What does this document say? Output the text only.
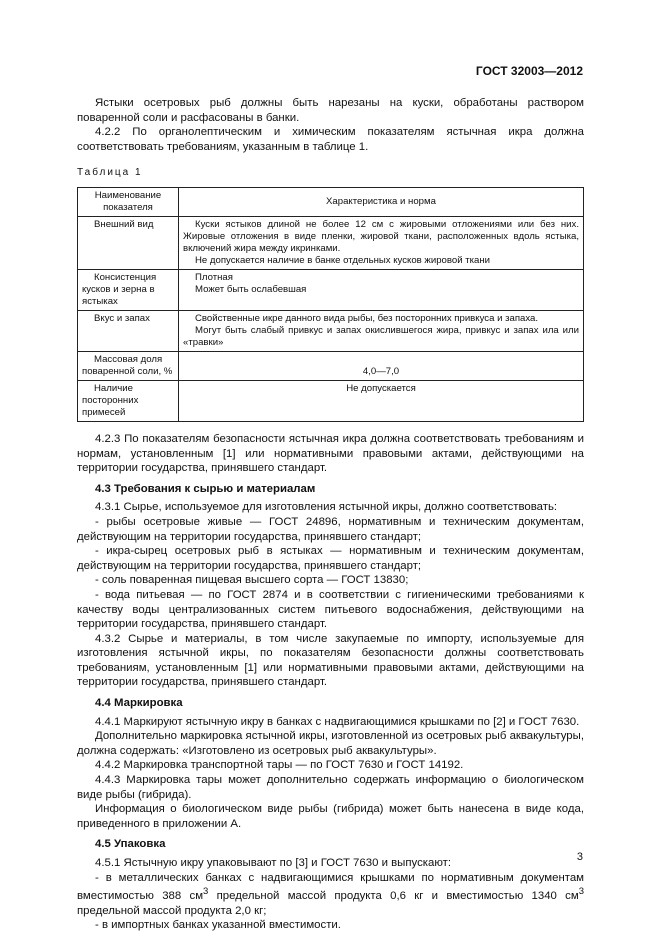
ГОСТ 32003—2012

Ястыки осетровых рыб должны быть нарезаны на куски, обработаны раствором поваренной соли и расфасованы в банки.

4.2.2 По органолептическим и химическим показателям ястычная икра должна соответствовать требованиям, указанным в таблице 1.

Таблица 1
Наименование показателя	Характеристика и норма
Внешний вид	Куски ястыков длиной не более 12 см с жировыми отложениями или без них. Жировые отложения в виде пленки, жировой ткани, расположенных вдоль ястыка, включений жира между икринками.

Не допускается наличие в банке отдельных кусков жировой ткани

Консистенция кусков и зерна в ястыках	Плотная

Может быть ослабевшая

Вкус и запах	Свойственные икре данного вида рыбы, без посторонних привкуса и запаха.

Могут быть слабый привкус и запах окислившегося жира, привкус и запах ила или «травки»

Массовая доля поваренной соли, %	4,0—7,0
Наличие посторонних примесей	Не допускается

4.2.3 По показателям безопасности ястычная икра должна соответствовать требованиям и нормам, установленным [1] или нормативными правовыми актами, действующими на территории государства, принявшего стандарт.

4.3 Требования к сырью и материалам

4.3.1 Сырье, используемое для изготовления ястычной икры, должно соответствовать:

- рыбы осетровые живые — ГОСТ 24896, нормативным и техническим документам, действующим на территории государства, принявшего стандарт;

- икра-сырец осетровых рыб в ястыках — нормативным и техническим документам, действующим на территории государства, принявшего стандарт;

- соль поваренная пищевая высшего сорта — ГОСТ 13830;

- вода питьевая — по ГОСТ 2874 и в соответствии с гигиеническими требованиями к качеству воды централизованных систем питьевого водоснабжения, действующими на территории государства, принявшего стандарт.

4.3.2 Сырье и материалы, в том числе закупаемые по импорту, используемые для изготовления ястычной икры, по показателям безопасности должны соответствовать требованиям, установленным [1] или нормативными правовыми актами, действующими на территории государства, принявшего стандарт.

4.4 Маркировка

4.4.1 Маркируют ястычную икру в банках с надвигающимися крышками по [2] и ГОСТ 7630.

Дополнительно маркировка ястычной икры, изготовленной из осетровых рыб аквакультуры, должна содержать: «Изготовлено из осетровых рыб аквакультуры».

4.4.2 Маркировка транспортной тары — по ГОСТ 7630 и ГОСТ 14192.

4.4.3 Маркировка тары может дополнительно содержать информацию о биологическом виде рыбы (гибрида).

Информация о биологическом виде рыбы (гибрида) может быть нанесена в виде кода, приведенного в приложении А.

4.5 Упаковка

4.5.1 Ястычную икру упаковывают по [3] и ГОСТ 7630 и выпускают:

- в металлических банках с надвигающимися крышками по нормативным документам вместимостью 388 $см^3$ предельной массой продукта 0,6 кг и вместимостью 1340 $см^3$ предельной массой продукта 2,0 кг;

- в импортных банках указанной вместимости.

3
